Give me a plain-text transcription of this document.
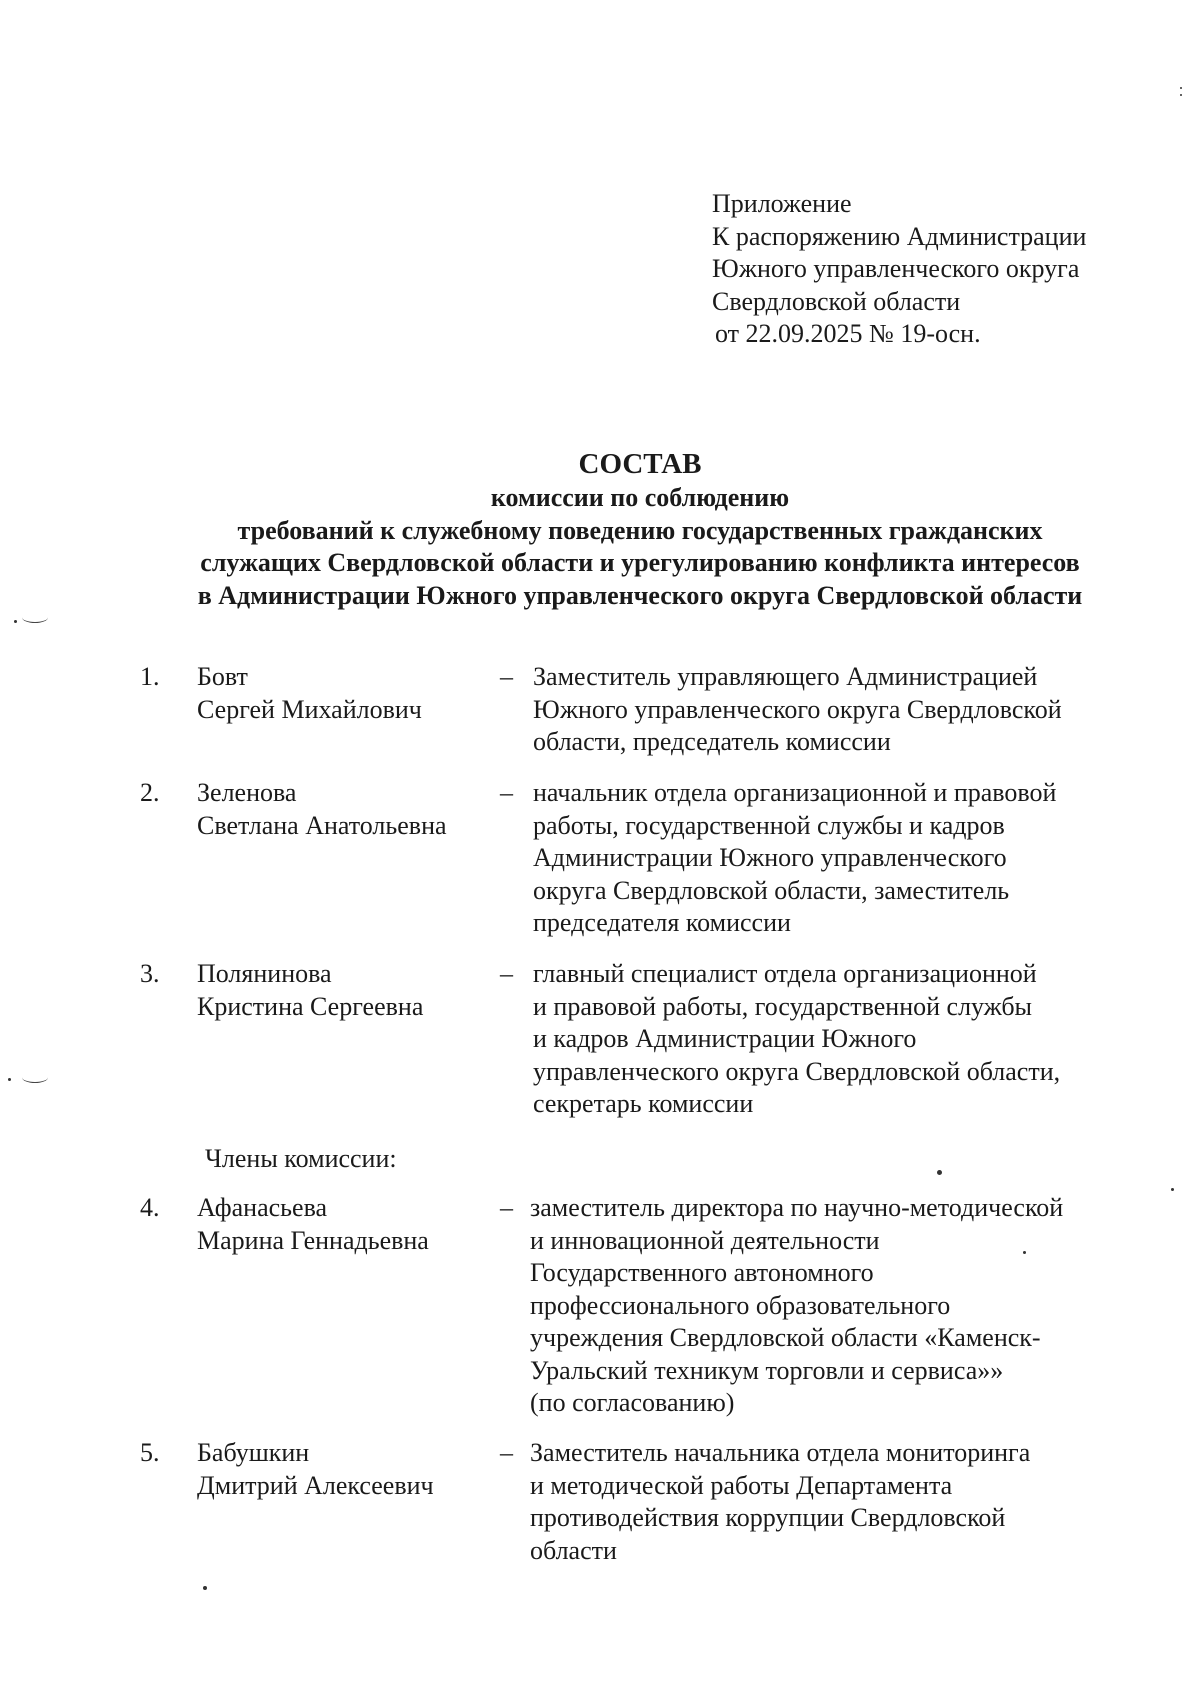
Приложение
К распоряжению Администрации
Южного управленческого округа
Свердловской области
от 22.09.2025 № 19-осн.
СОСТАВ
комиссии по соблюдению
требований к служебному поведению государственных гражданских
служащих Свердловской области и урегулированию конфликта интересов
в Администрации Южного управленческого округа Свердловской области
1.	Бовт
Сергей Михайлович
– Заместитель управляющего Администрацией
Южного управленческого округа Свердловской
области, председатель комиссии
2.	Зеленова
Светлана Анатольевна
– начальник отдела организационной и правовой
работы, государственной службы и кадров
Администрации Южного управленческого
округа Свердловской области, заместитель
председателя комиссии
3.	Полянинова
Кристина Сергеевна
– главный специалист отдела организационной
и правовой работы, государственной службы
и кадров Администрации Южного
управленческого округа Свердловской области,
секретарь комиссии
Члены комиссии:
4.	Афанасьева
Марина Геннадьевна
– заместитель директора по научно-методической
и инновационной деятельности
Государственного автономного
профессионального образовательного
учреждения Свердловской области «Каменск-
Уральский техникум торговли и сервиса»»
(по согласованию)
5.	Бабушкин
Дмитрий Алексеевич
– Заместитель начальника отдела мониторинга
и методической работы Департамента
противодействия коррупции Свердловской
области
